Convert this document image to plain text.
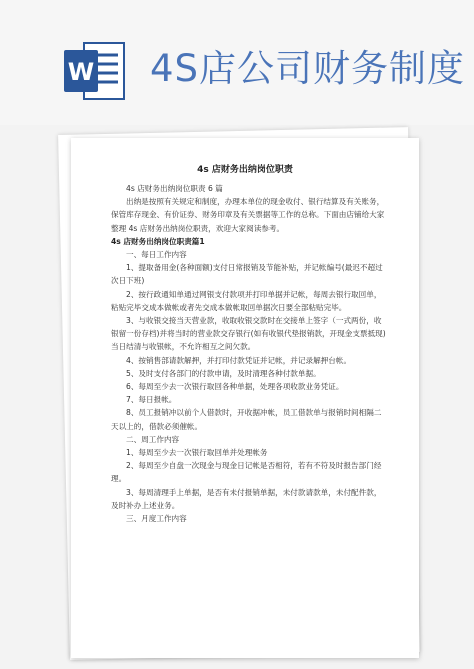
W 4S店公司财务制度
4s 店财务出纳岗位职责

4s 店财务出纳岗位职责 6 篇

出纳是按照有关规定和制度，办理本单位的现金收付、银行结算及有关账务，保管库存现金、有价证券、财务印章及有关票据等工作的总称。下面由店铺给大家整理 4s 店财务出纳岗位职责，欢迎大家阅读参考。

4s 店财务出纳岗位职责篇1

一、每日工作内容

1、提取备用金(各种面额)支付日常报销及节能补贴，并记帐编号(最迟不超过次日下班)

2、按行政通知单通过网银支付款项并打印单据并记帐，每周去银行取回单，粘贴完毕交成本做帐或者先交成本做帐取回单据次日要全部粘贴完毕。

3、与收银交接当天营业款，收取收银交款时在交接单上签字（一式两份，收银留一份存档)并将当时的营业款交存银行(如有收银代垫报销款，开现金支票抵现)当日结清与收银帐，不允许相互之间欠款。

4、按销售部请款解押，并打印付款凭证并记帐，并记录解押台帐。

5、及时支付各部门的付款申请，及时清理各种付款单据。

6、每周至少去一次银行取回各种单据，处理各项收款业务凭证。

7、每日报帐。

8、员工报销冲以前个人借款时，开收据冲帐，员工借款单与报销时间相隔二天以上的，借款必须催帐。

二、周工作内容

1、每周至少去一次银行取回单并处理帐务

2、每周至少自盘一次现金与现金日记帐是否相符，若有不符及时报告部门经理。

3、每周清理手上单据，是否有未付报销单据，未付款请款单，未付配件款，及时补办上述业务。

三、月度工作内容
